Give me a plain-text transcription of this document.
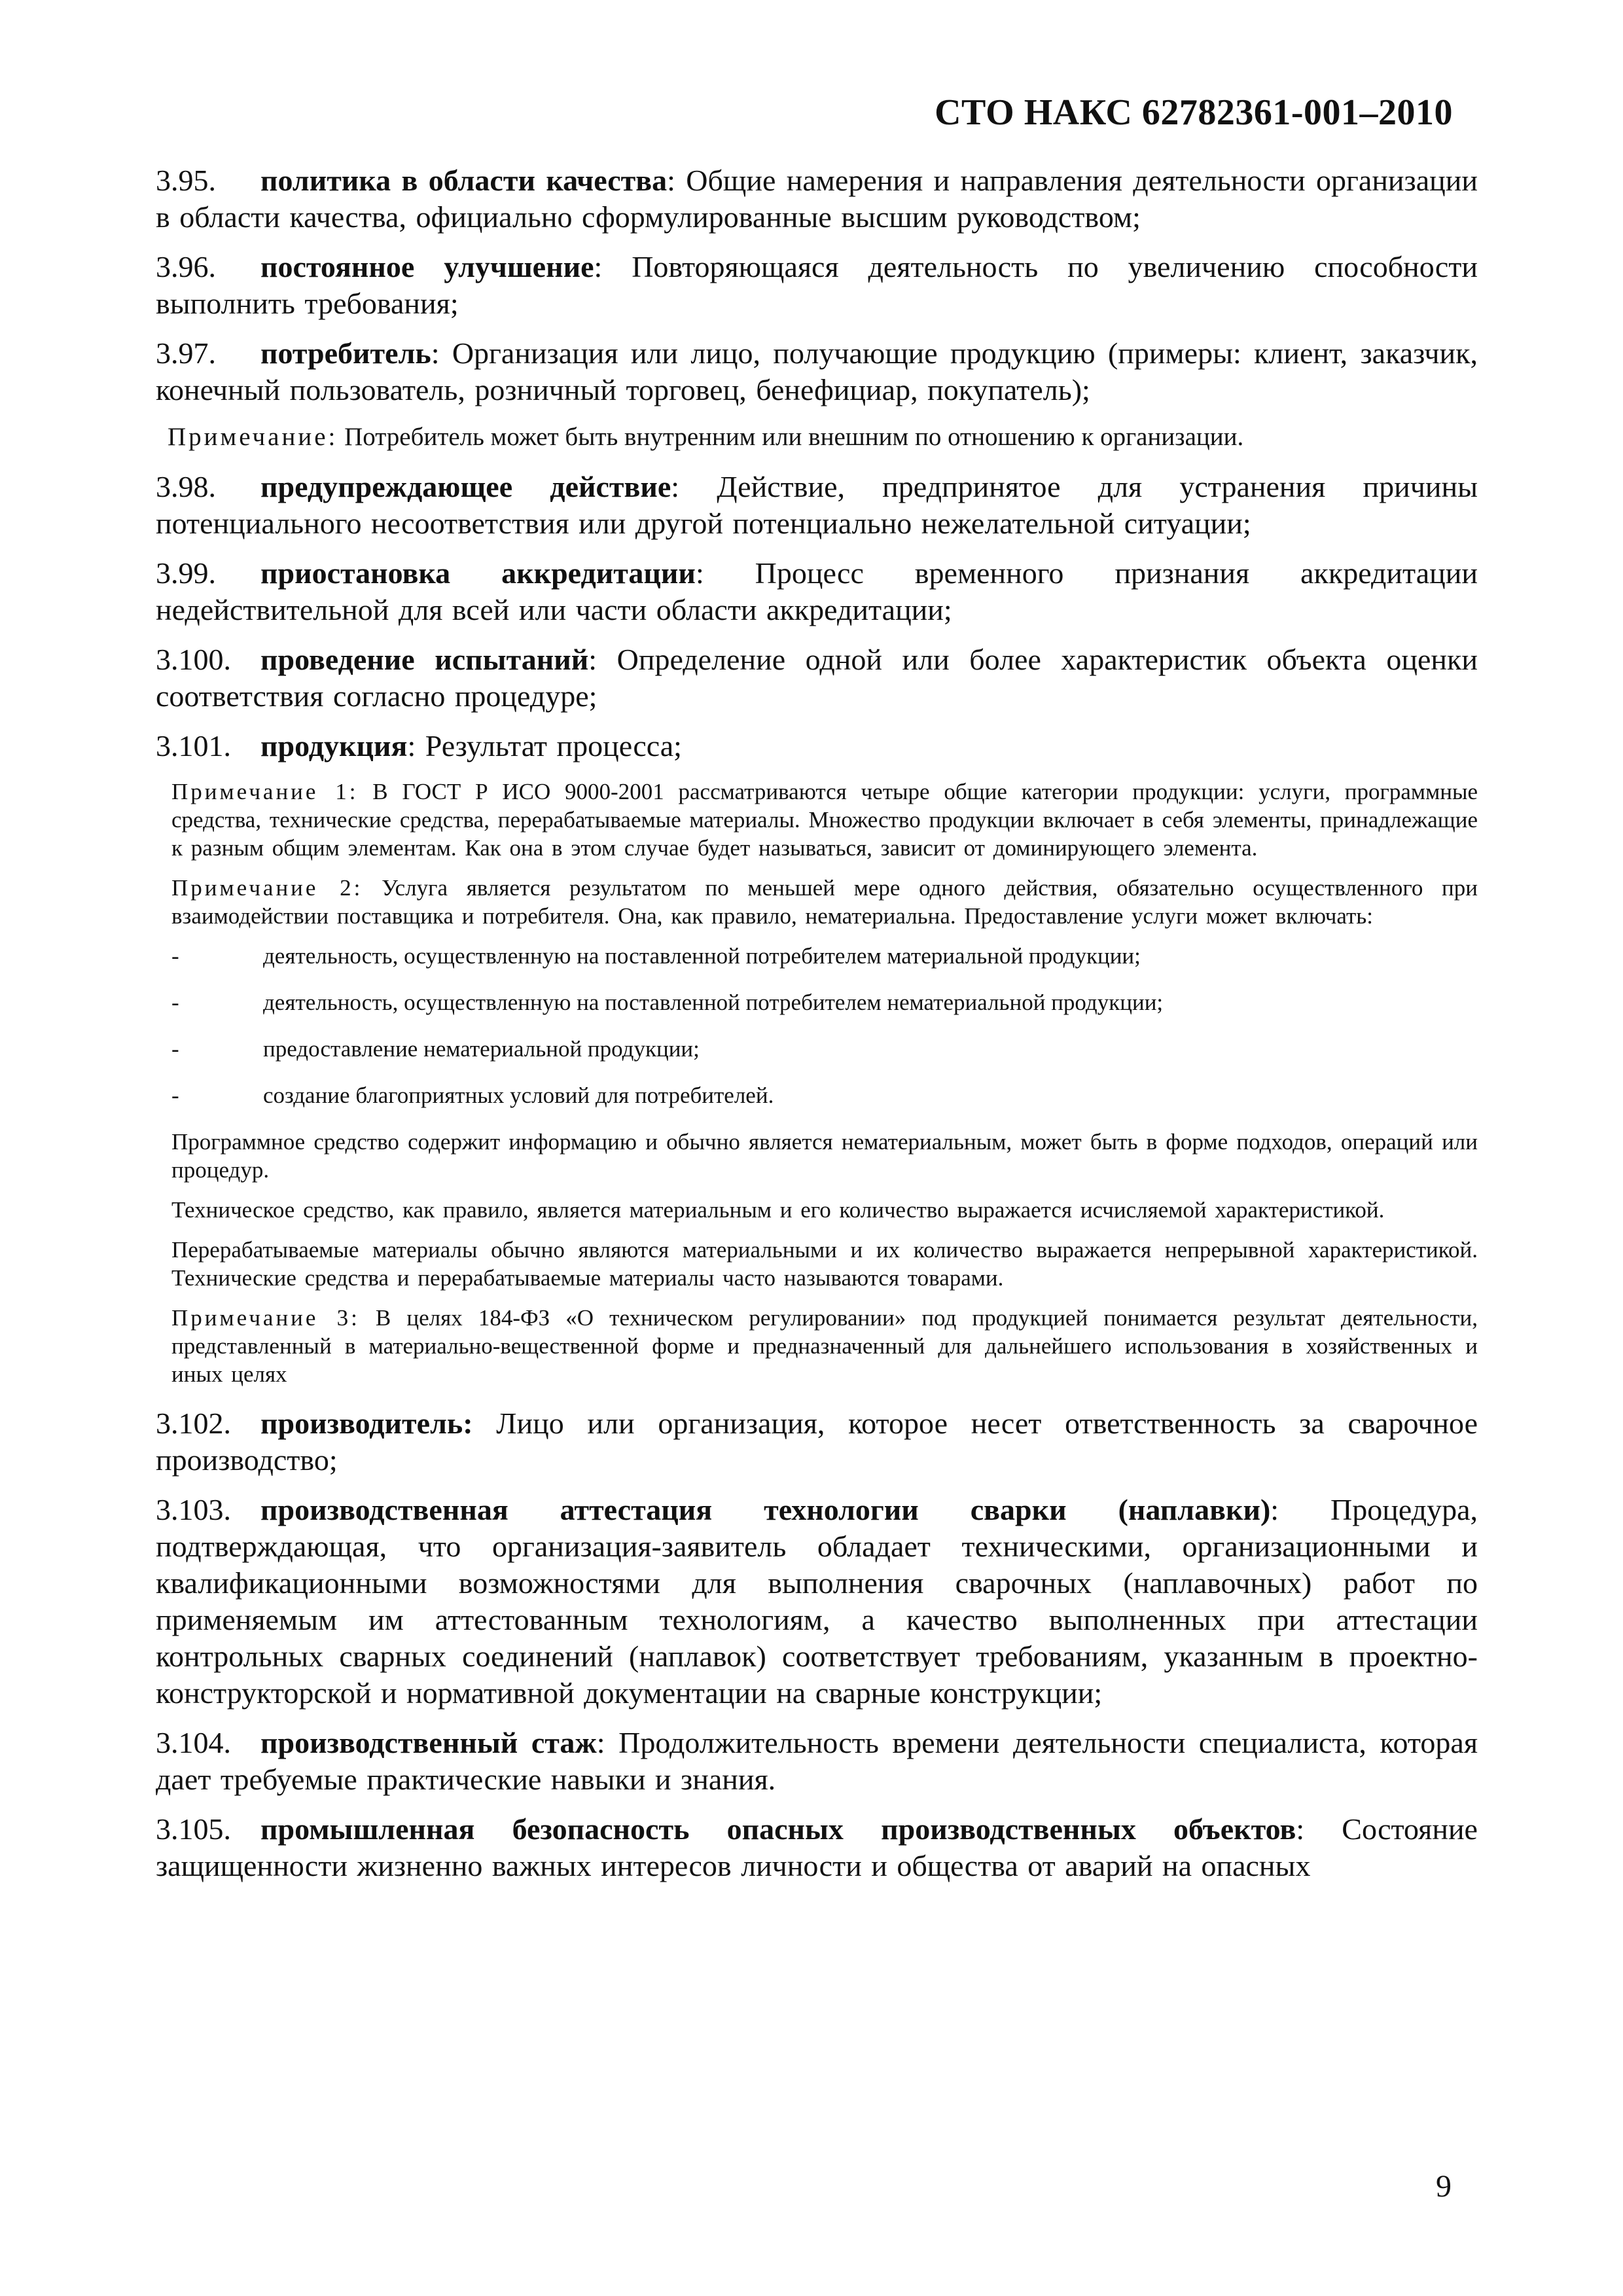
СТО НАКС 62782361-001–2010

3.95. политика в области качества: Общие намерения и направления деятельности организации в области качества, официально сформулированные высшим руководством;

3.96. постоянное улучшение: Повторяющаяся деятельность по увеличению способности выполнить требования;

3.97. потребитель: Организация или лицо, получающие продукцию (примеры: клиент, заказчик, конечный пользователь, розничный торговец, бенефициар, покупатель);

Примечание: Потребитель может быть внутренним или внешним по отношению к организации.

3.98. предупреждающее действие: Действие, предпринятое для устранения причины потенциального несоответствия или другой потенциально нежелательной ситуации;

3.99. приостановка аккредитации: Процесс временного признания аккредитации недействительной для всей или части области аккредитации;

3.100. проведение испытаний: Определение одной или более характеристик объекта оценки соответствия согласно процедуре;

3.101. продукция: Результат процесса;

Примечание 1: В ГОСТ Р ИСО 9000-2001 рассматриваются четыре общие категории продукции: услуги, программные средства, технические средства, перерабатываемые материалы. Множество продукции включает в себя элементы, принадлежащие к разным общим элементам. Как она в этом случае будет называться, зависит от доминирующего элемента.

Примечание 2: Услуга является результатом по меньшей мере одного действия, обязательно осуществленного при взаимодействии поставщика и потребителя. Она, как правило, нематериальна. Предоставление услуги может включать:

-	деятельность, осуществленную на поставленной потребителем материальной продукции;
-	деятельность, осуществленную на поставленной потребителем нематериальной продукции;
-	предоставление нематериальной продукции;
-	создание благоприятных условий для потребителей.

Программное средство содержит информацию и обычно является нематериальным, может быть в форме подходов, операций или процедур.

Техническое средство, как правило, является материальным и его количество выражается исчисляемой характеристикой.

Перерабатываемые материалы обычно являются материальными и их количество выражается непрерывной характеристикой. Технические средства и перерабатываемые материалы часто называются товарами.

Примечание 3: В целях 184-ФЗ «О техническом регулировании» под продукцией понимается результат деятельности, представленный в материально-вещественной форме и предназначенный для дальнейшего использования в хозяйственных и иных целях

3.102. производитель: Лицо или организация, которое несет ответственность за сварочное производство;

3.103. производственная аттестация технологии сварки (наплавки): Процедура, подтверждающая, что организация-заявитель обладает техническими, организационными и квалификационными возможностями для выполнения сварочных (наплавочных) работ по применяемым им аттестованным технологиям, а качество выполненных при аттестации контрольных сварных соединений (наплавок) соответствует требованиям, указанным в проектно-конструкторской и нормативной документации на сварные конструкции;

3.104. производственный стаж: Продолжительность времени деятельности специалиста, которая дает требуемые практические навыки и знания.

3.105. промышленная безопасность опасных производственных объектов: Состояние защищенности жизненно важных интересов личности и общества от аварий на опасных

9
